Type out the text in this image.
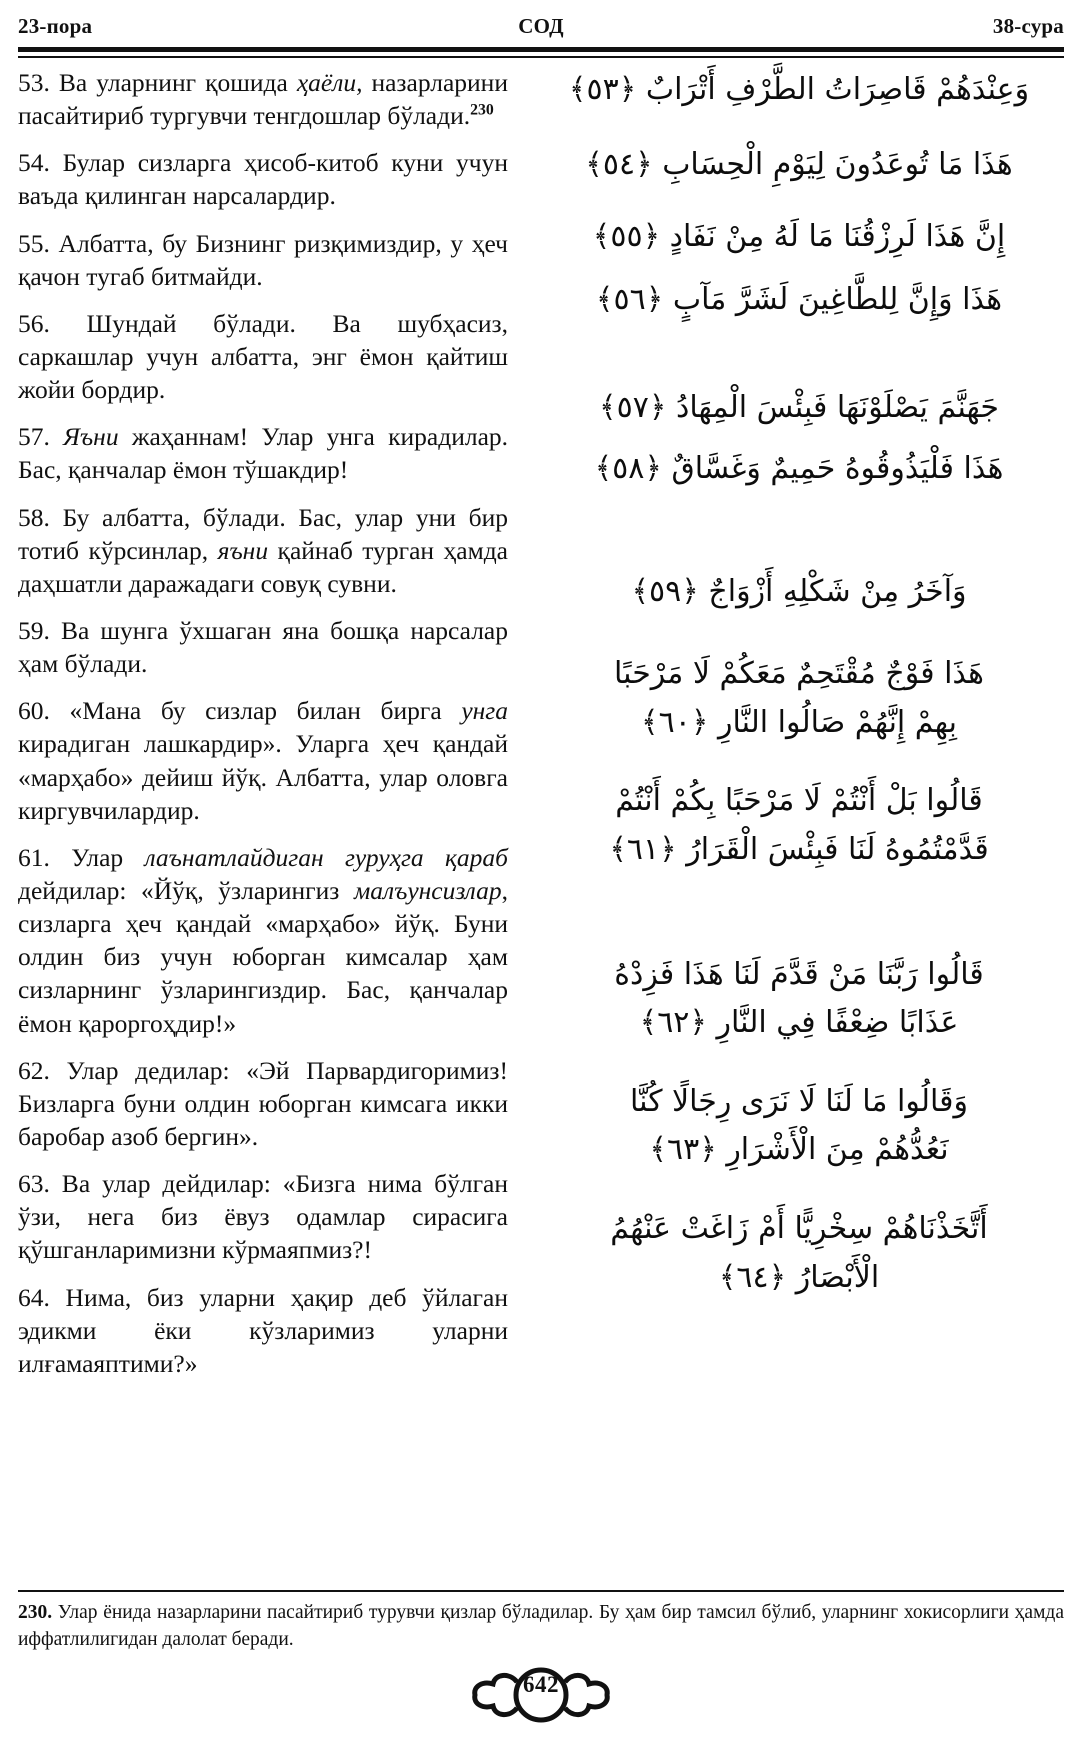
23-пора	СОД	38-сура

53. Ва уларнинг қошида ҳаёли, назарларини пасайтириб тургувчи тенгдошлар бўлади.$^{230}$

54. Булар сизларга ҳисоб-китоб куни учун ваъда қилинган нарсалардир.

55. Албатта, бу Бизнинг ризқимиздир, у ҳеч қачон тугаб битмайди.

56. Шундай бўлади. Ва шубҳасиз, саркашлар учун албатта, энг ёмон қайтиш жойи бордир.

57. Яъни жаҳаннам! Улар унга кирадилар. Бас, қанчалар ёмон тўшакдир!

58. Бу албатта, бўлади. Бас, улар уни бир тотиб кўрсинлар, яъни қайнаб турган ҳамда даҳшатли даражадаги совуқ сувни.

59. Ва шунга ўхшаган яна бошқа нарсалар ҳам бўлади.

60. «Мана бу сизлар билан бирга унга кирадиган лашкардир». Уларга ҳеч қандай «марҳабо» дейиш йўқ. Албатта, улар оловга киргувчилардир.

61. Улар лаънатлайдиган гуруҳга қараб дейдилар: «Йўқ, ўзларингиз малъунсизлар, сизларга ҳеч қандай «марҳабо» йўқ. Буни олдин биз учун юборган кимсалар ҳам сизларнинг ўзларингиздир. Бас, қанчалар ёмон қароргоҳдир!»

62. Улар дедилар: «Эй Парвардигоримиз! Бизларга буни олдин юборган кимсага икки баробар азоб бергин».

63. Ва улар дейдилар: «Бизга нима бўлган ўзи, нега биз ёвуз одамлар сирасига қўшганларимизни кўрмаяпмиз?!

64. Нима, биз уларни ҳақир деб ўйлаган эдикми ёки кўзларимиз уларни илғамаяптими?»

وَعِنْدَهُمْ قَاصِرَاتُ الطَّرْفِ أَتْرَابٌ ﴿٥٣﴾
هَذَا مَا تُوعَدُونَ لِيَوْمِ الْحِسَابِ ﴿٥٤﴾
إِنَّ هَذَا لَرِزْقُنَا مَا لَهُ مِنْ نَفَادٍ ﴿٥٥﴾
هَذَا وَإِنَّ لِلطَّاغِينَ لَشَرَّ مَآبٍ ﴿٥٦﴾
جَهَنَّمَ يَصْلَوْنَهَا فَبِئْسَ الْمِهَادُ ﴿٥٧﴾
هَذَا فَلْيَذُوقُوهُ حَمِيمٌ وَغَسَّاقٌ ﴿٥٨﴾
وَآخَرُ مِنْ شَكْلِهِ أَزْوَاجٌ ﴿٥٩﴾
هَذَا فَوْجٌ مُقْتَحِمٌ مَعَكُمْ لَا مَرْحَبًا
بِهِمْ إِنَّهُمْ صَالُوا النَّارِ ﴿٦٠﴾
قَالُوا بَلْ أَنْتُمْ لَا مَرْحَبًا بِكُمْ أَنْتُمْ
قَدَّمْتُمُوهُ لَنَا فَبِئْسَ الْقَرَارُ ﴿٦١﴾
قَالُوا رَبَّنَا مَنْ قَدَّمَ لَنَا هَذَا فَزِدْهُ
عَذَابًا ضِعْفًا فِي النَّارِ ﴿٦٢﴾
وَقَالُوا مَا لَنَا لَا نَرَى رِجَالًا كُنَّا
نَعُدُّهُمْ مِنَ الْأَشْرَارِ ﴿٦٣﴾
أَتَّخَذْنَاهُمْ سِخْرِيًّا أَمْ زَاغَتْ عَنْهُمُ
الْأَبْصَارُ ﴿٦٤﴾
230. Улар ёнида назарларини пасайтириб турувчи қизлар бўладилар. Бу ҳам бир тамсил бўлиб, уларнинг хокисорлиги ҳамда иффатлилигидан далолат беради.
642
